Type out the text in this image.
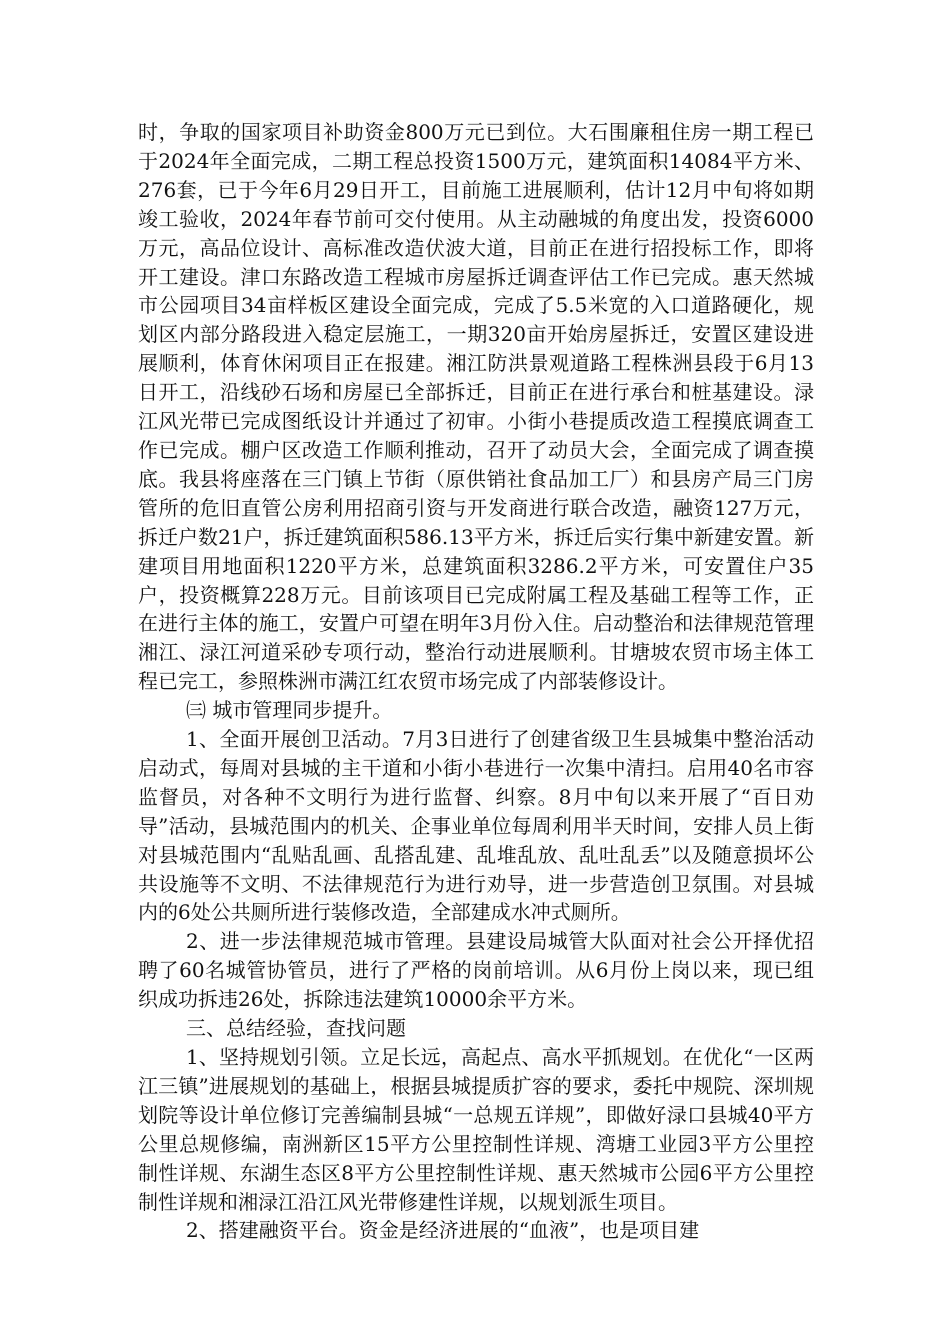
时，争取的国家项目补助资金800万元已到位。大石围廉租住房一期工程已于2024年全面完成，二期工程总投资1500万元，建筑面积14084平方米、276套，已于今年6月29日开工，目前施工进展顺利，估计12月中旬将如期竣工验收，2024年春节前可交付使用。从主动融城的角度出发，投资6000万元，高品位设计、高标准改造伏波大道，目前正在进行招投标工作，即将开工建设。津口东路改造工程城市房屋拆迁调查评估工作已完成。惠天然城市公园项目34亩样板区建设全面完成，完成了5.5米宽的入口道路硬化，规划区内部分路段进入稳定层施工，一期320亩开始房屋拆迁，安置区建设进展顺利，体育休闲项目正在报建。湘江防洪景观道路工程株洲县段于6月13日开工，沿线砂石场和房屋已全部拆迁，目前正在进行承台和桩基建设。渌江风光带已完成图纸设计并通过了初审。小街小巷提质改造工程摸底调查工作已完成。棚户区改造工作顺利推动，召开了动员大会，全面完成了调查摸底。我县将座落在三门镇上节街（原供销社食品加工厂）和县房产局三门房管所的危旧直管公房利用招商引资与开发商进行联合改造，融资127万元，拆迁户数21户，拆迁建筑面积586.13平方米，拆迁后实行集中新建安置。新建项目用地面积1220平方米，总建筑面积3286.2平方米，可安置住户35户，投资概算228万元。目前该项目已完成附属工程及基础工程等工作，正在进行主体的施工，安置户可望在明年3月份入住。启动整治和法律规范管理湘江、渌江河道采砂专项行动，整治行动进展顺利。甘塘坡农贸市场主体工程已完工，参照株洲市满江红农贸市场完成了内部装修设计。

㈢ 城市管理同步提升。

1、全面开展创卫活动。7月3日进行了创建省级卫生县城集中整治活动启动式，每周对县城的主干道和小街小巷进行一次集中清扫。启用40名市容监督员，对各种不文明行为进行监督、纠察。8月中旬以来开展了“百日劝导”活动，县城范围内的机关、企事业单位每周利用半天时间，安排人员上街对县城范围内“乱贴乱画、乱搭乱建、乱堆乱放、乱吐乱丢”以及随意损坏公共设施等不文明、不法律规范行为进行劝导，进一步营造创卫氛围。对县城内的6处公共厕所进行装修改造，全部建成水冲式厕所。

2、进一步法律规范城市管理。县建设局城管大队面对社会公开择优招聘了60名城管协管员，进行了严格的岗前培训。从6月份上岗以来，现已组织成功拆违26处，拆除违法建筑10000余平方米。

三、总结经验，查找问题

1、坚持规划引领。立足长远，高起点、高水平抓规划。在优化“一区两江三镇”进展规划的基础上，根据县城提质扩容的要求，委托中规院、深圳规划院等设计单位修订完善编制县城“一总规五详规”，即做好渌口县城40平方公里总规修编，南洲新区15平方公里控制性详规、湾塘工业园3平方公里控制性详规、东湖生态区8平方公里控制性详规、惠天然城市公园6平方公里控制性详规和湘渌江沿江风光带修建性详规，以规划派生项目。

2、搭建融资平台。资金是经济进展的“血液”，也是项目建
